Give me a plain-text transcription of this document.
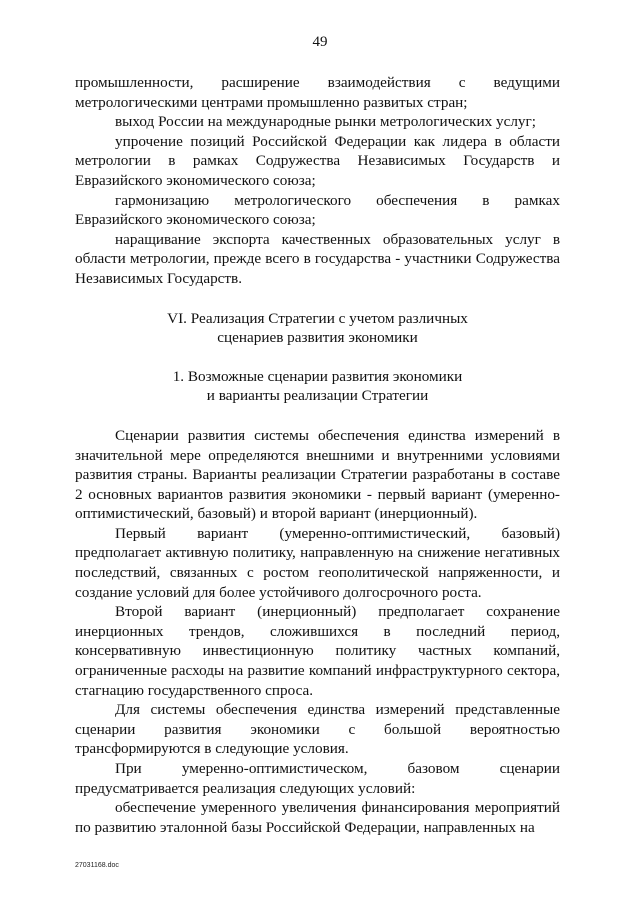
49

промышленности, расширение взаимодействия с ведущими метрологическими центрами промышленно развитых стран;

выход России на международные рынки метрологических услуг;

упрочение позиций Российской Федерации как лидера в области метрологии в рамках Содружества Независимых Государств и Евразийского экономического союза;

гармонизацию метрологического обеспечения в рамках Евразийского экономического союза;

наращивание экспорта качественных образовательных услуг в области метрологии, прежде всего в государства - участники Содружества Независимых Государств.

VI. Реализация Стратегии с учетом различных
сценариев развития экономики
1. Возможные сценарии развития экономики
и варианты реализации Стратегии

Сценарии развития системы обеспечения единства измерений в значительной мере определяются внешними и внутренними условиями развития страны. Варианты реализации Стратегии разработаны в составе 2 основных вариантов развития экономики - первый вариант (умеренно-оптимистический, базовый) и второй вариант (инерционный).

Первый вариант (умеренно-оптимистический, базовый) предполагает активную политику, направленную на снижение негативных последствий, связанных с ростом геополитической напряженности, и создание условий для более устойчивого долгосрочного роста.

Второй вариант (инерционный) предполагает сохранение инерционных трендов, сложившихся в последний период, консервативную инвестиционную политику частных компаний, ограниченные расходы на развитие компаний инфраструктурного сектора, стагнацию государственного спроса.

Для системы обеспечения единства измерений представленные сценарии развития экономики с большой вероятностью трансформируются в следующие условия.

При умеренно-оптимистическом, базовом сценарии предусматривается реализация следующих условий:

обеспечение умеренного увеличения финансирования мероприятий по развитию эталонной базы Российской Федерации, направленных на

27031168.doc
